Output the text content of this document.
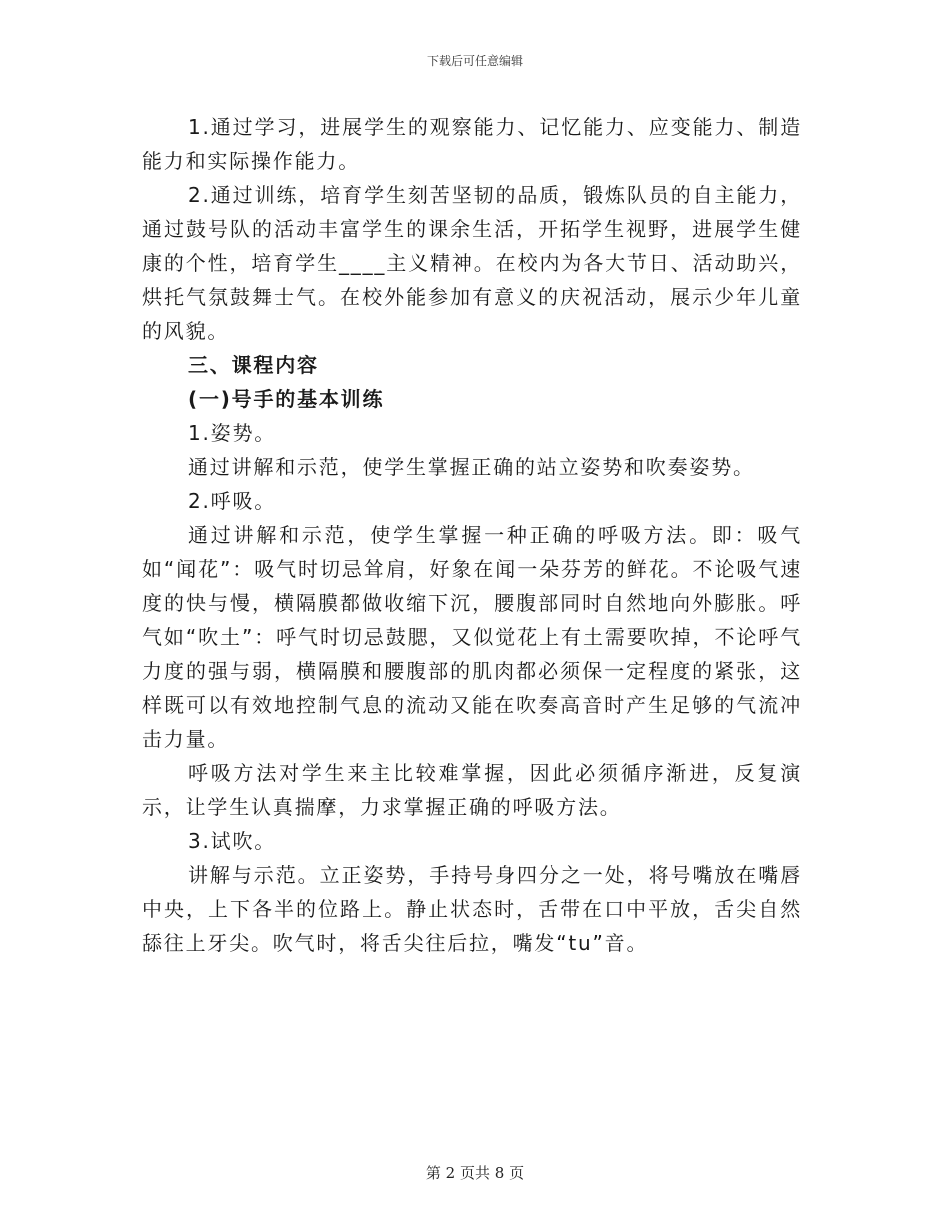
下载后可任意编辑

1.通过学习，进展学生的观察能力、记忆能力、应变能力、制造能力和实际操作能力。

2.通过训练，培育学生刻苦坚韧的品质，锻炼队员的自主能力，通过鼓号队的活动丰富学生的课余生活，开拓学生视野，进展学生健康的个性，培育学生____主义精神。在校内为各大节日、活动助兴，烘托气氛鼓舞士气。在校外能参加有意义的庆祝活动，展示少年儿童的风貌。

三、课程内容

(一)号手的基本训练

1.姿势。

通过讲解和示范，使学生掌握正确的站立姿势和吹奏姿势。

2.呼吸。

通过讲解和示范，使学生掌握一种正确的呼吸方法。即：吸气如“闻花”：吸气时切忌耸肩，好象在闻一朵芬芳的鲜花。不论吸气速度的快与慢，横隔膜都做收缩下沉，腰腹部同时自然地向外膨胀。呼气如“吹土”：呼气时切忌鼓腮，又似觉花上有土需要吹掉，不论呼气力度的强与弱，横隔膜和腰腹部的肌肉都必须保一定程度的紧张，这样既可以有效地控制气息的流动又能在吹奏高音时产生足够的气流冲击力量。

呼吸方法对学生来主比较难掌握，因此必须循序渐进，反复演示，让学生认真揣摩，力求掌握正确的呼吸方法。

3.试吹。

讲解与示范。立正姿势，手持号身四分之一处，将号嘴放在嘴唇中央，上下各半的位路上。静止状态时，舌带在口中平放，舌尖自然舔往上牙尖。吹气时，将舌尖往后拉，嘴发“tu”音。

第 2 页共 8 页
